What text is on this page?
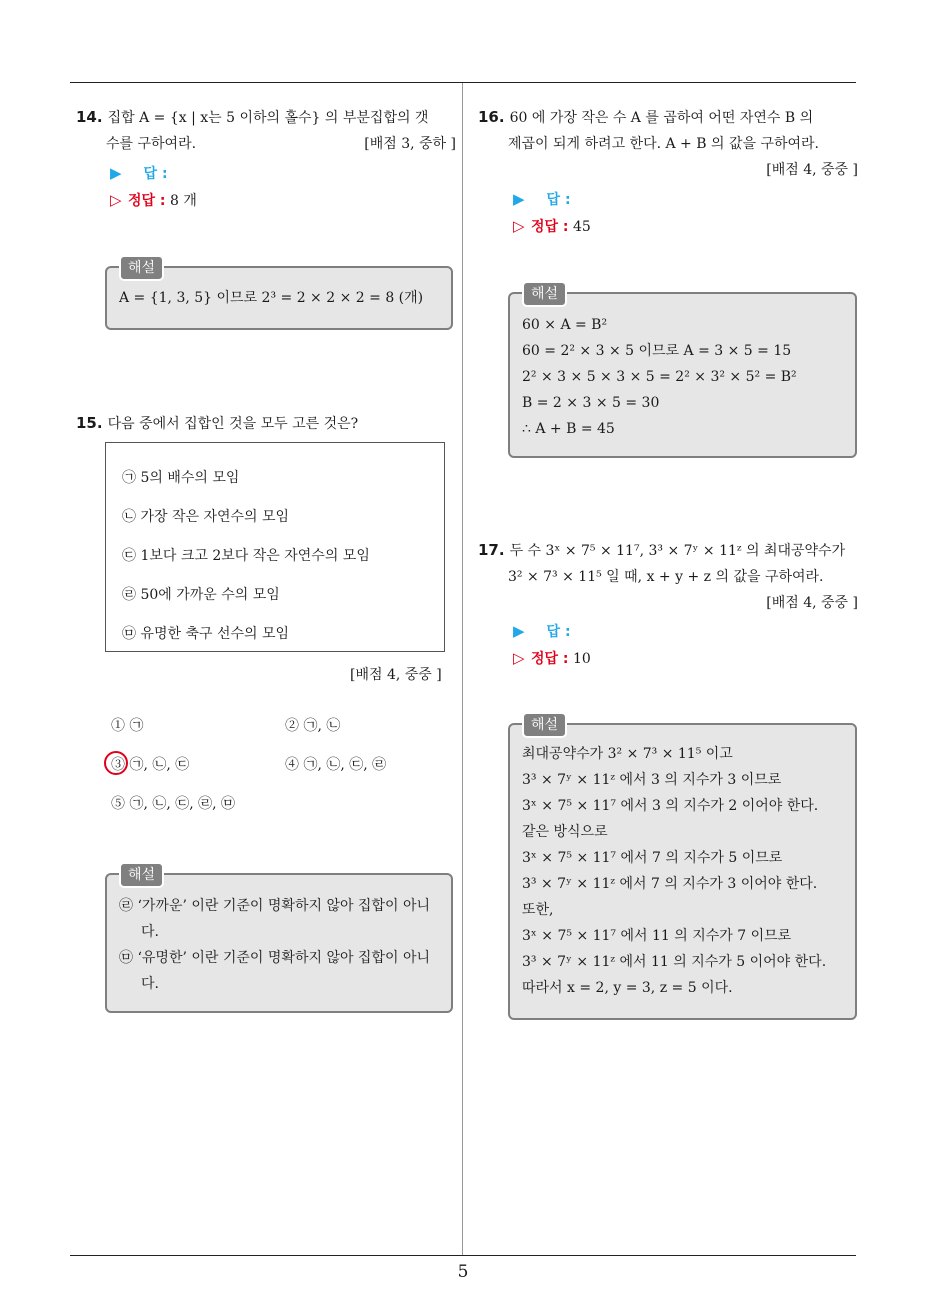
14. 집합 A = {x | x는 5 이하의 홀수} 의 부분집합의 갯
수를 구하여라.	[배점 3, 중하 ]
▶ 답 :
▷ 정답 : 8 개
해설
A = {1, 3, 5} 이므로 2³ = 2 × 2 × 2 = 8 (개)
15. 다음 중에서 집합인 것을 모두 고른 것은?
㉠ 5의 배수의 모임
㉡ 가장 작은 자연수의 모임
㉢ 1보다 크고 2보다 작은 자연수의 모임
㉣ 50에 가까운 수의 모임
㉤ 유명한 축구 선수의 모임
[배점 4, 중중 ]
① ㉠	② ㉠, ㉡
③ ㉠, ㉡, ㉢	④ ㉠, ㉡, ㉢, ㉣
⑤ ㉠, ㉡, ㉢, ㉣, ㉤
해설
㉣ ‘가까운’ 이란 기준이 명확하지 않아 집합이 아니다.
㉤ ‘유명한’ 이란 기준이 명확하지 않아 집합이 아니다.
16. 60 에 가장 작은 수 A 를 곱하여 어떤 자연수 B 의
제곱이 되게 하려고 한다. A + B 의 값을 구하여라.
[배점 4, 중중 ]
▶ 답 :
▷ 정답 : 45
해설
60 × A = B²
60 = 2² × 3 × 5 이므로 A = 3 × 5 = 15
2² × 3 × 5 × 3 × 5 = 2² × 3² × 5² = B²
B = 2 × 3 × 5 = 30
∴ A + B = 45
17. 두 수 3ˣ × 7⁵ × 11⁷, 3³ × 7ʸ × 11ᶻ 의 최대공약수가
3² × 7³ × 11⁵ 일 때, x + y + z 의 값을 구하여라.
[배점 4, 중중 ]
▶ 답 :
▷ 정답 : 10
해설
최대공약수가 3² × 7³ × 11⁵ 이고
3³ × 7ʸ × 11ᶻ 에서 3 의 지수가 3 이므로
3ˣ × 7⁵ × 11⁷ 에서 3 의 지수가 2 이어야 한다.
같은 방식으로
3ˣ × 7⁵ × 11⁷ 에서 7 의 지수가 5 이므로
3³ × 7ʸ × 11ᶻ 에서 7 의 지수가 3 이어야 한다.
또한,
3ˣ × 7⁵ × 11⁷ 에서 11 의 지수가 7 이므로
3³ × 7ʸ × 11ᶻ 에서 11 의 지수가 5 이어야 한다.
따라서 x = 2, y = 3, z = 5 이다.
5
